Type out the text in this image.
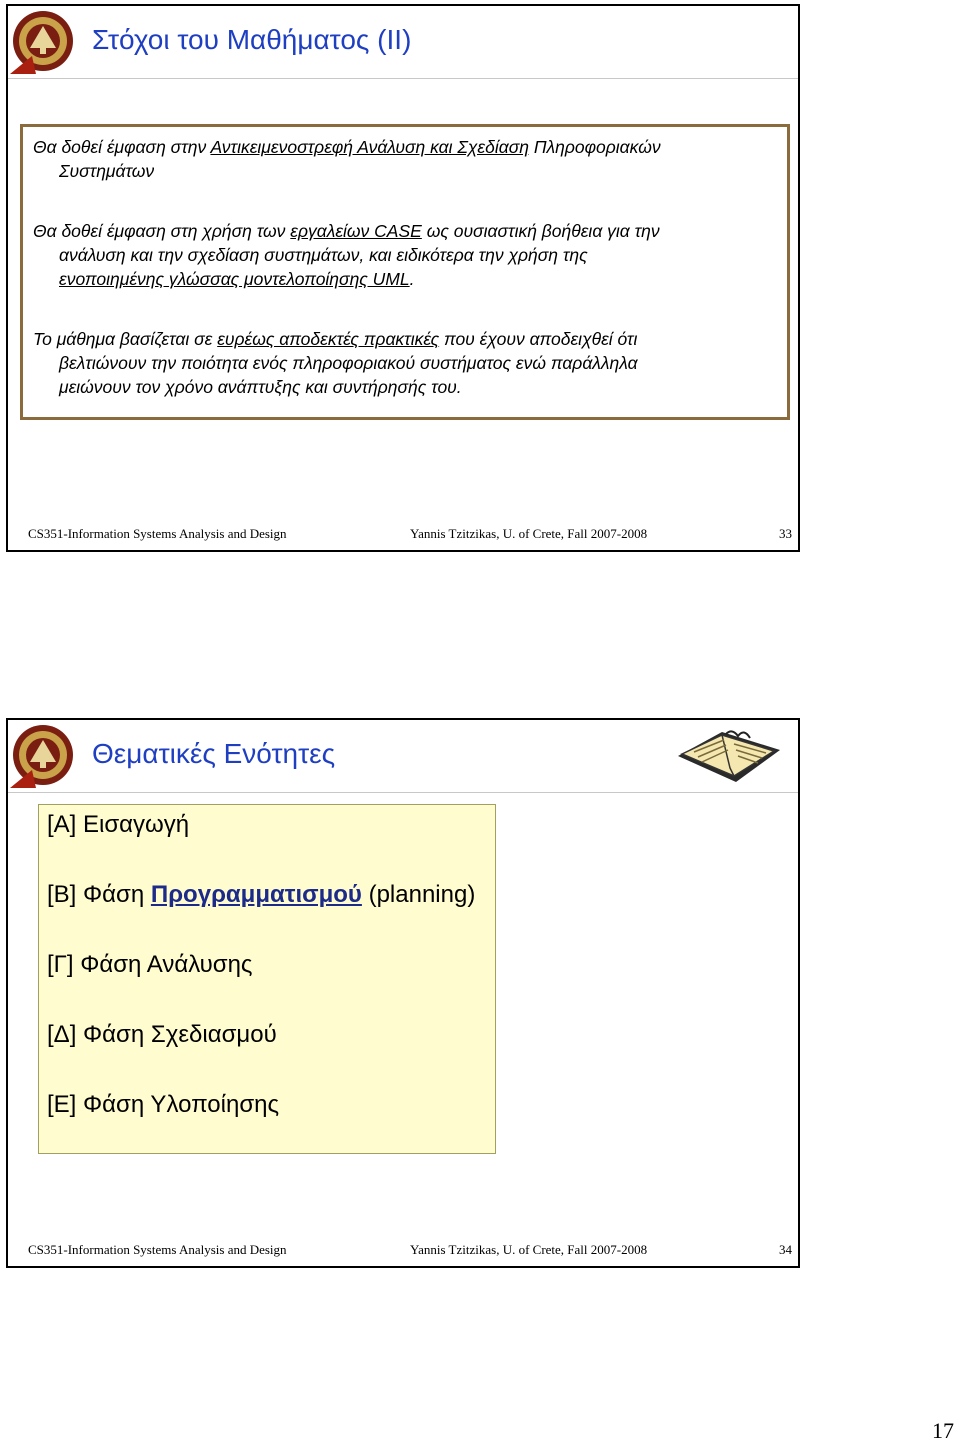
Στόχοι του Μαθήματος (ΙΙ)
Θα δοθεί έμφαση στην Αντικειμενοστρεφή Ανάλυση και Σχεδίαση Πληροφοριακών
Συστημάτων
Θα δοθεί έμφαση στη χρήση των εργαλείων CASE ως ουσιαστική βοήθεια για την
ανάλυση και την σχεδίαση συστημάτων, και ειδικότερα την χρήση της
ενοποιημένης γλώσσας μοντελοποίησης UML.
Το μάθημα βασίζεται σε ευρέως αποδεκτές πρακτικές που έχουν αποδειχθεί ότι
βελτιώνουν την ποιότητα ενός πληροφοριακού συστήματος ενώ παράλληλα
μειώνουν τον χρόνο ανάπτυξης και συντήρησής του.
CS351-Information Systems Analysis and Design	Yannis Tzitzikas, U. of Crete, Fall 2007-2008	33
Θεματικές Ενότητες
[Α] Εισαγωγή
[Β] Φάση Προγραμματισμού (planning)
[Γ] Φάση Ανάλυσης
[Δ] Φάση Σχεδιασμού
[Ε] Φάση Υλοποίησης
CS351-Information Systems Analysis and Design	Yannis Tzitzikas, U. of Crete, Fall 2007-2008	34
17
